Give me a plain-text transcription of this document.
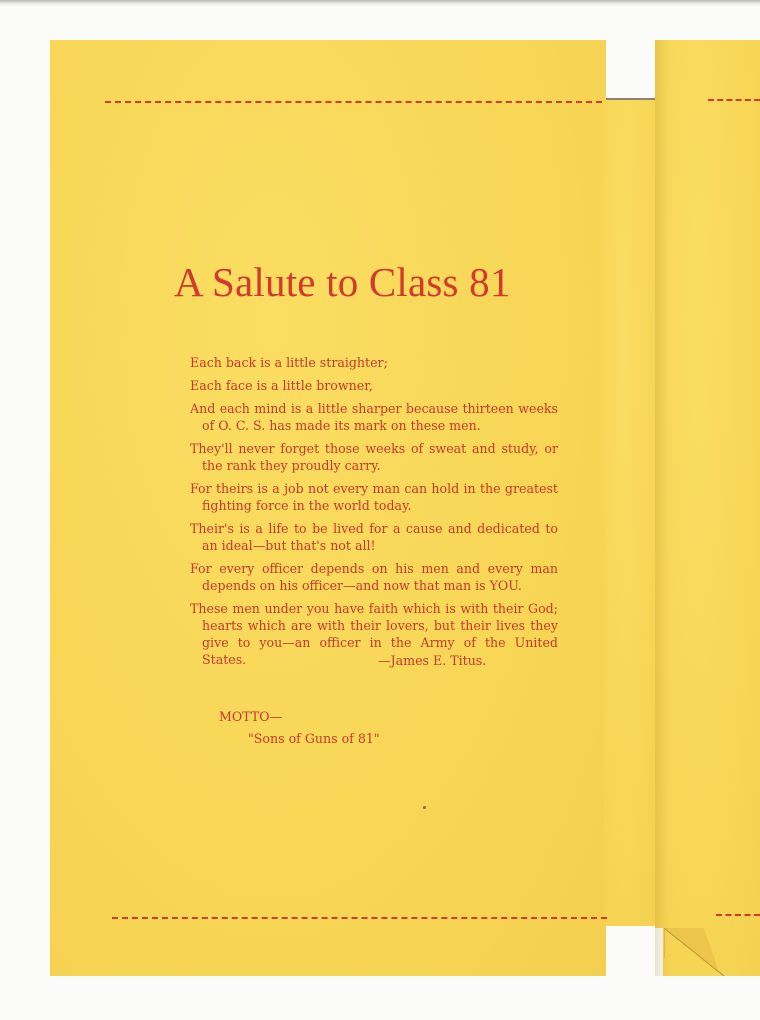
A Salute to Class 81

Each back is a little straighter;

Each face is a little browner,

And each mind is a little sharper because thirteen weeks of O. C. S. has made its mark on these men.

They'll never forget those weeks of sweat and study, or the rank they proudly carry.

For theirs is a job not every man can hold in the greatest fighting force in the world today.

Their's is a life to be lived for a cause and dedicated to an ideal—but that's not all!

For every officer depends on his men and every man depends on his officer—and now that man is YOU.

These men under you have faith which is with their God; hearts which are with their lovers, but their lives they give to you—an officer in the Army of the United States.	—James E. Titus.
MOTTO—
"Sons of Guns of 81"
